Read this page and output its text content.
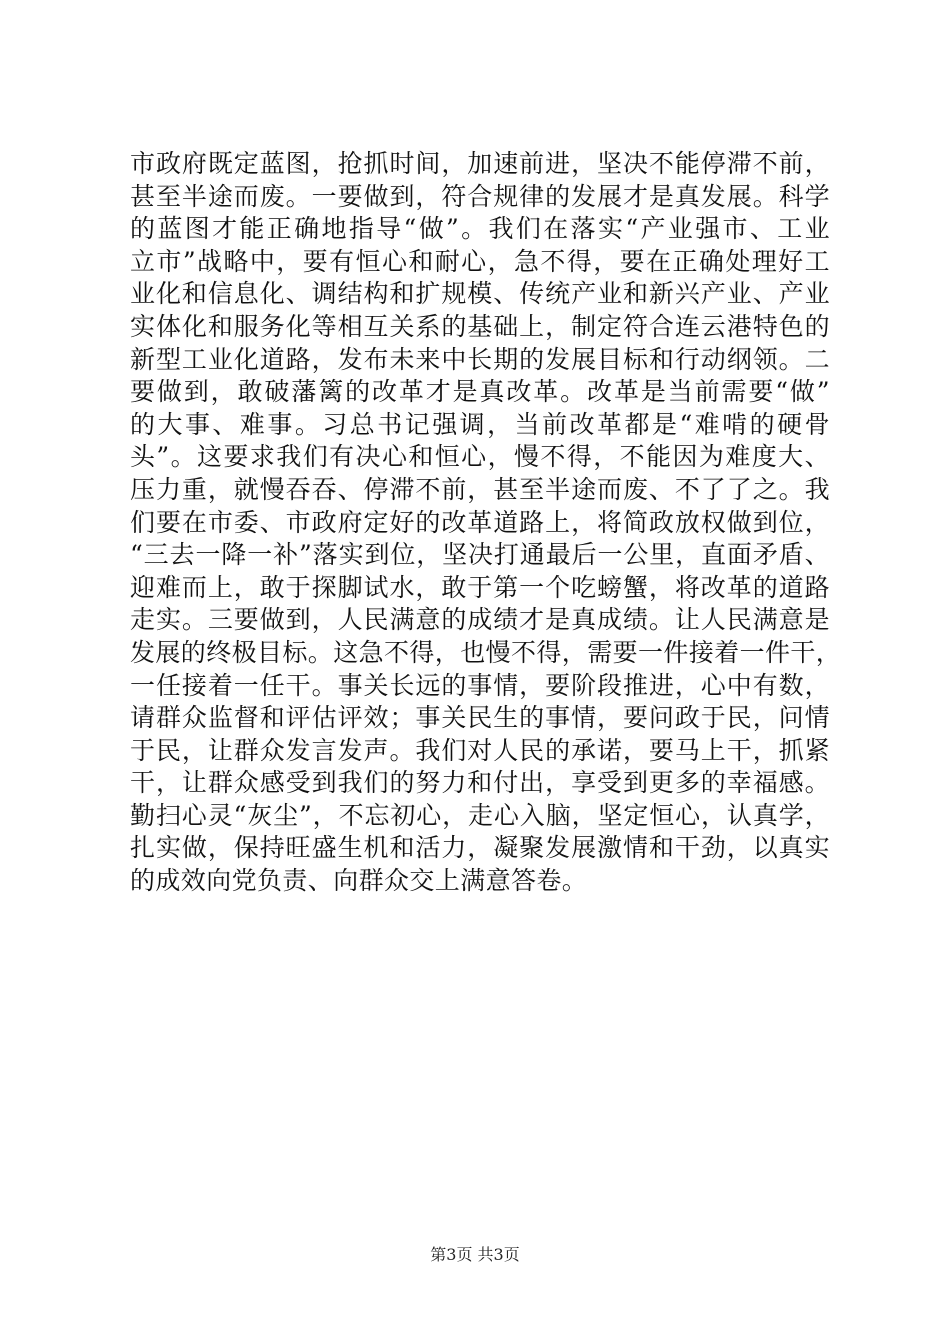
市政府既定蓝图，抢抓时间，加速前进，坚决不能停滞不前，
甚至半途而废。一要做到，符合规律的发展才是真发展。科学
的蓝图才能正确地指导“做”。我们在落实“产业强市、工业
立市”战略中，要有恒心和耐心，急不得，要在正确处理好工
业化和信息化、调结构和扩规模、传统产业和新兴产业、产业
实体化和服务化等相互关系的基础上，制定符合连云港特色的
新型工业化道路，发布未来中长期的发展目标和行动纲领。二
要做到，敢破藩篱的改革才是真改革。改革是当前需要“做”
的大事、难事。习总书记强调，当前改革都是“难啃的硬骨
头”。这要求我们有决心和恒心，慢不得，不能因为难度大、
压力重，就慢吞吞、停滞不前，甚至半途而废、不了了之。我
们要在市委、市政府定好的改革道路上，将简政放权做到位，
“三去一降一补”落实到位，坚决打通最后一公里，直面矛盾、
迎难而上，敢于探脚试水，敢于第一个吃螃蟹，将改革的道路
走实。三要做到，人民满意的成绩才是真成绩。让人民满意是
发展的终极目标。这急不得，也慢不得，需要一件接着一件干，
一任接着一任干。事关长远的事情，要阶段推进，心中有数，
请群众监督和评估评效；事关民生的事情，要问政于民，问情
于民，让群众发言发声。我们对人民的承诺，要马上干，抓紧
干，让群众感受到我们的努力和付出，享受到更多的幸福感。
勤扫心灵“灰尘”，不忘初心，走心入脑，坚定恒心，认真学，
扎实做，保持旺盛生机和活力，凝聚发展激情和干劲，以真实
的成效向党负责、向群众交上满意答卷。
第3页 共3页
